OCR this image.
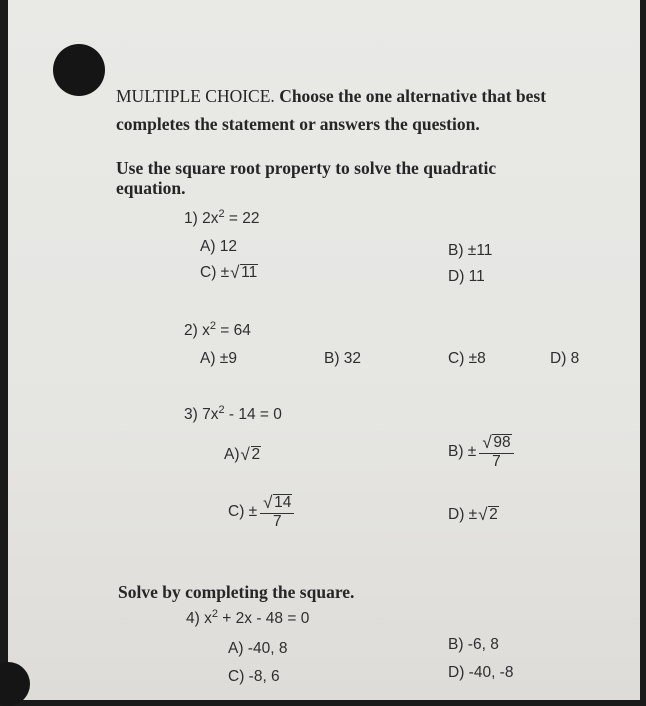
MULTIPLE CHOICE. Choose the one alternative that best
completes the statement or answers the question.
Use the square root property to solve the quadratic
equation.
1) $2x^2 = 22$
A) 12	B) ±11
C) ± √ 11	D) 11
2) $x^2 = 64$
A) ±9	B) 32	C) ±8	D) 8
3) $7x^2 - 14 = 0$
A) √ 2	$B) \pm \frac{√ 98}{7}$
$C) \pm \frac{√ 14}{7}$	D) ± √ 2
Solve by completing the square.
4) $x^2 + 2x - 48 = 0$
A) -40, 8	B) -6, 8
C) -8, 6	D) -40, -8
